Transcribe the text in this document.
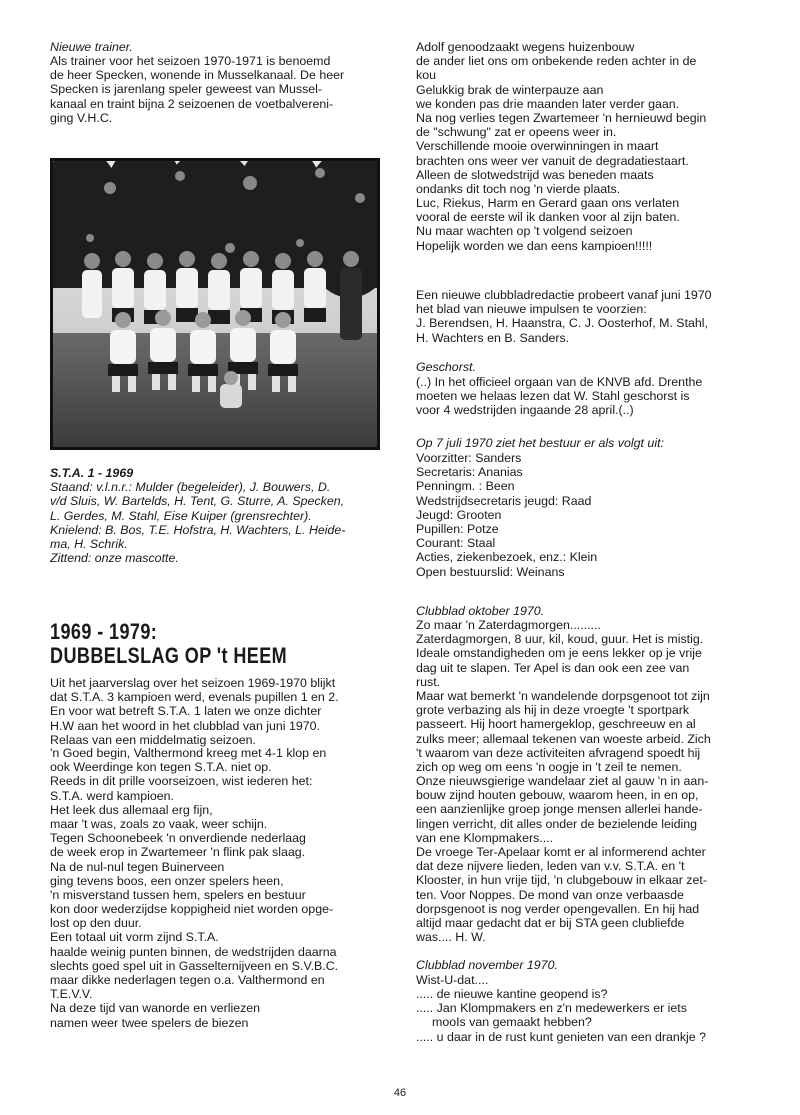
Nieuwe trainer.
Als trainer voor het seizoen 1970-1971 is benoemd
de heer Specken, wonende in Musselkanaal. De heer
Specken is jarenlang speler geweest van Mussel-
kanaal en traint bijna 2 seizoenen de voetbalvereni-
ging V.H.C.
S.T.A. 1 - 1969
Staand: v.l.n.r.: Mulder (begeleider), J. Bouwers, D.
v/d Sluis, W. Bartelds, H. Tent, G. Sturre, A. Specken,
L. Gerdes, M. Stahl, Eise Kuiper (grensrechter).
Knielend: B. Bos, T.E. Hofstra, H. Wachters, L. Heide-
ma, H. Schrik.
Zittend: onze mascotte.
1969 - 1979:
DUBBELSLAG OP 't HEEM
Uit het jaarverslag over het seizoen 1969-1970 blijkt
dat S.T.A. 3 kampioen werd, evenals pupillen 1 en 2.
En voor wat betreft S.T.A. 1 laten we onze dichter
H.W aan het woord in het clubblad van juni 1970.
Relaas van een middelmatig seizoen.
'n Goed begin, Valthermond kreeg met 4-1 klop en
ook Weerdinge kon tegen S.T.A. niet op.
Reeds in dit prille voorseizoen, wist iederen het:
S.T.A. werd kampioen.
Het leek dus allemaal erg fijn,
maar 't was, zoals zo vaak, weer schijn.
Tegen Schoonebeek 'n onverdiende nederlaag
de week erop in Zwartemeer 'n flink pak slaag.
Na de nul-nul tegen Buinerveen
ging tevens boos, een onzer spelers heen,
'n misverstand tussen hem, spelers en bestuur
kon door wederzijdse koppigheid niet worden opge-
lost op den duur.
Een totaal uit vorm zijnd S.T.A.
haalde weinig punten binnen, de wedstrijden daarna
slechts goed spel uit in Gasselternijveen en S.V.B.C.
maar dikke nederlagen tegen o.a. Valthermond en
T.E.V.V.
Na deze tijd van wanorde en verliezen
namen weer twee spelers de biezen
Adolf genoodzaakt wegens huizenbouw
de ander liet ons om onbekende reden achter in de
kou
Gelukkig brak de winterpauze aan
we konden pas drie maanden later verder gaan.
Na nog verlies tegen Zwartemeer 'n hernieuwd begin
de "schwung" zat er opeens weer in.
Verschillende mooie overwinningen in maart
brachten ons weer ver vanuit de degradatiestaart.
Alleen de slotwedstrijd was beneden maats
ondanks dit toch nog 'n vierde plaats.
Luc, Riekus, Harm en Gerard gaan ons verlaten
vooral de eerste wil ik danken voor al zijn baten.
Nu maar wachten op 't volgend seizoen
Hopelijk worden we dan eens kampioen!!!!!
Een nieuwe clubbladredactie probeert vanaf juni 1970
het blad van nieuwe impulsen te voorzien:
J. Berendsen, H. Haanstra, C. J. Oosterhof, M. Stahl,
H. Wachters en B. Sanders.
Geschorst.
(..) In het officieel orgaan van de KNVB afd. Drenthe
moeten we helaas lezen dat W. Stahl geschorst is
voor 4 wedstrijden ingaande 28 april.(..)
Op 7 juli 1970 ziet het bestuur er als volgt uit:
Voorzitter: Sanders
Secretaris: Ananias
Penningm. : Been
Wedstrijdsecretaris jeugd: Raad
Jeugd: Grooten
Pupillen: Potze
Courant: Staal
Acties, ziekenbezoek, enz.: Klein
Open bestuurslid: Weinans
Clubblad oktober 1970.
Zo maar 'n Zaterdagmorgen.........
Zaterdagmorgen, 8 uur, kil, koud, guur. Het is mistig.
Ideale omstandigheden om je eens lekker op je vrije
dag uit te slapen. Ter Apel is dan ook een zee van
rust.
Maar wat bemerkt 'n wandelende dorpsgenoot tot zijn
grote verbazing als hij in deze vroegte 't sportpark
passeert. Hij hoort hamergeklop, geschreeuw en al
zulks meer; allemaal tekenen van woeste arbeid. Zich
't waarom van deze activiteiten afvragend spoedt hij
zich op weg om eens 'n oogje in 't zeil te nemen.
Onze nieuwsgierige wandelaar ziet al gauw 'n in aan-
bouw zijnd houten gebouw, waarom heen, in en op,
een aanzienlijke groep jonge mensen allerlei hande-
lingen verricht, dit alles onder de bezielende leiding
van ene Klompmakers....
De vroege Ter-Apelaar komt er al informerend achter
dat deze nijvere lieden, leden van v.v. S.T.A. en 't
Klooster, in hun vrije tijd, 'n clubgebouw in elkaar zet-
ten. Voor Noppes. De mond van onze verbaasde
dorpsgenoot is nog verder opengevallen. En hij had
altijd maar gedacht dat er bij STA geen clubliefde
was.... H. W.
Clubblad november 1970.
Wist-U-dat....
..... de nieuwe kantine geopend is?
..... Jan Klompmakers en z'n medewerkers er iets
mooIs van gemaakt hebben?
..... u daar in de rust kunt genieten van een drankje ?
46
